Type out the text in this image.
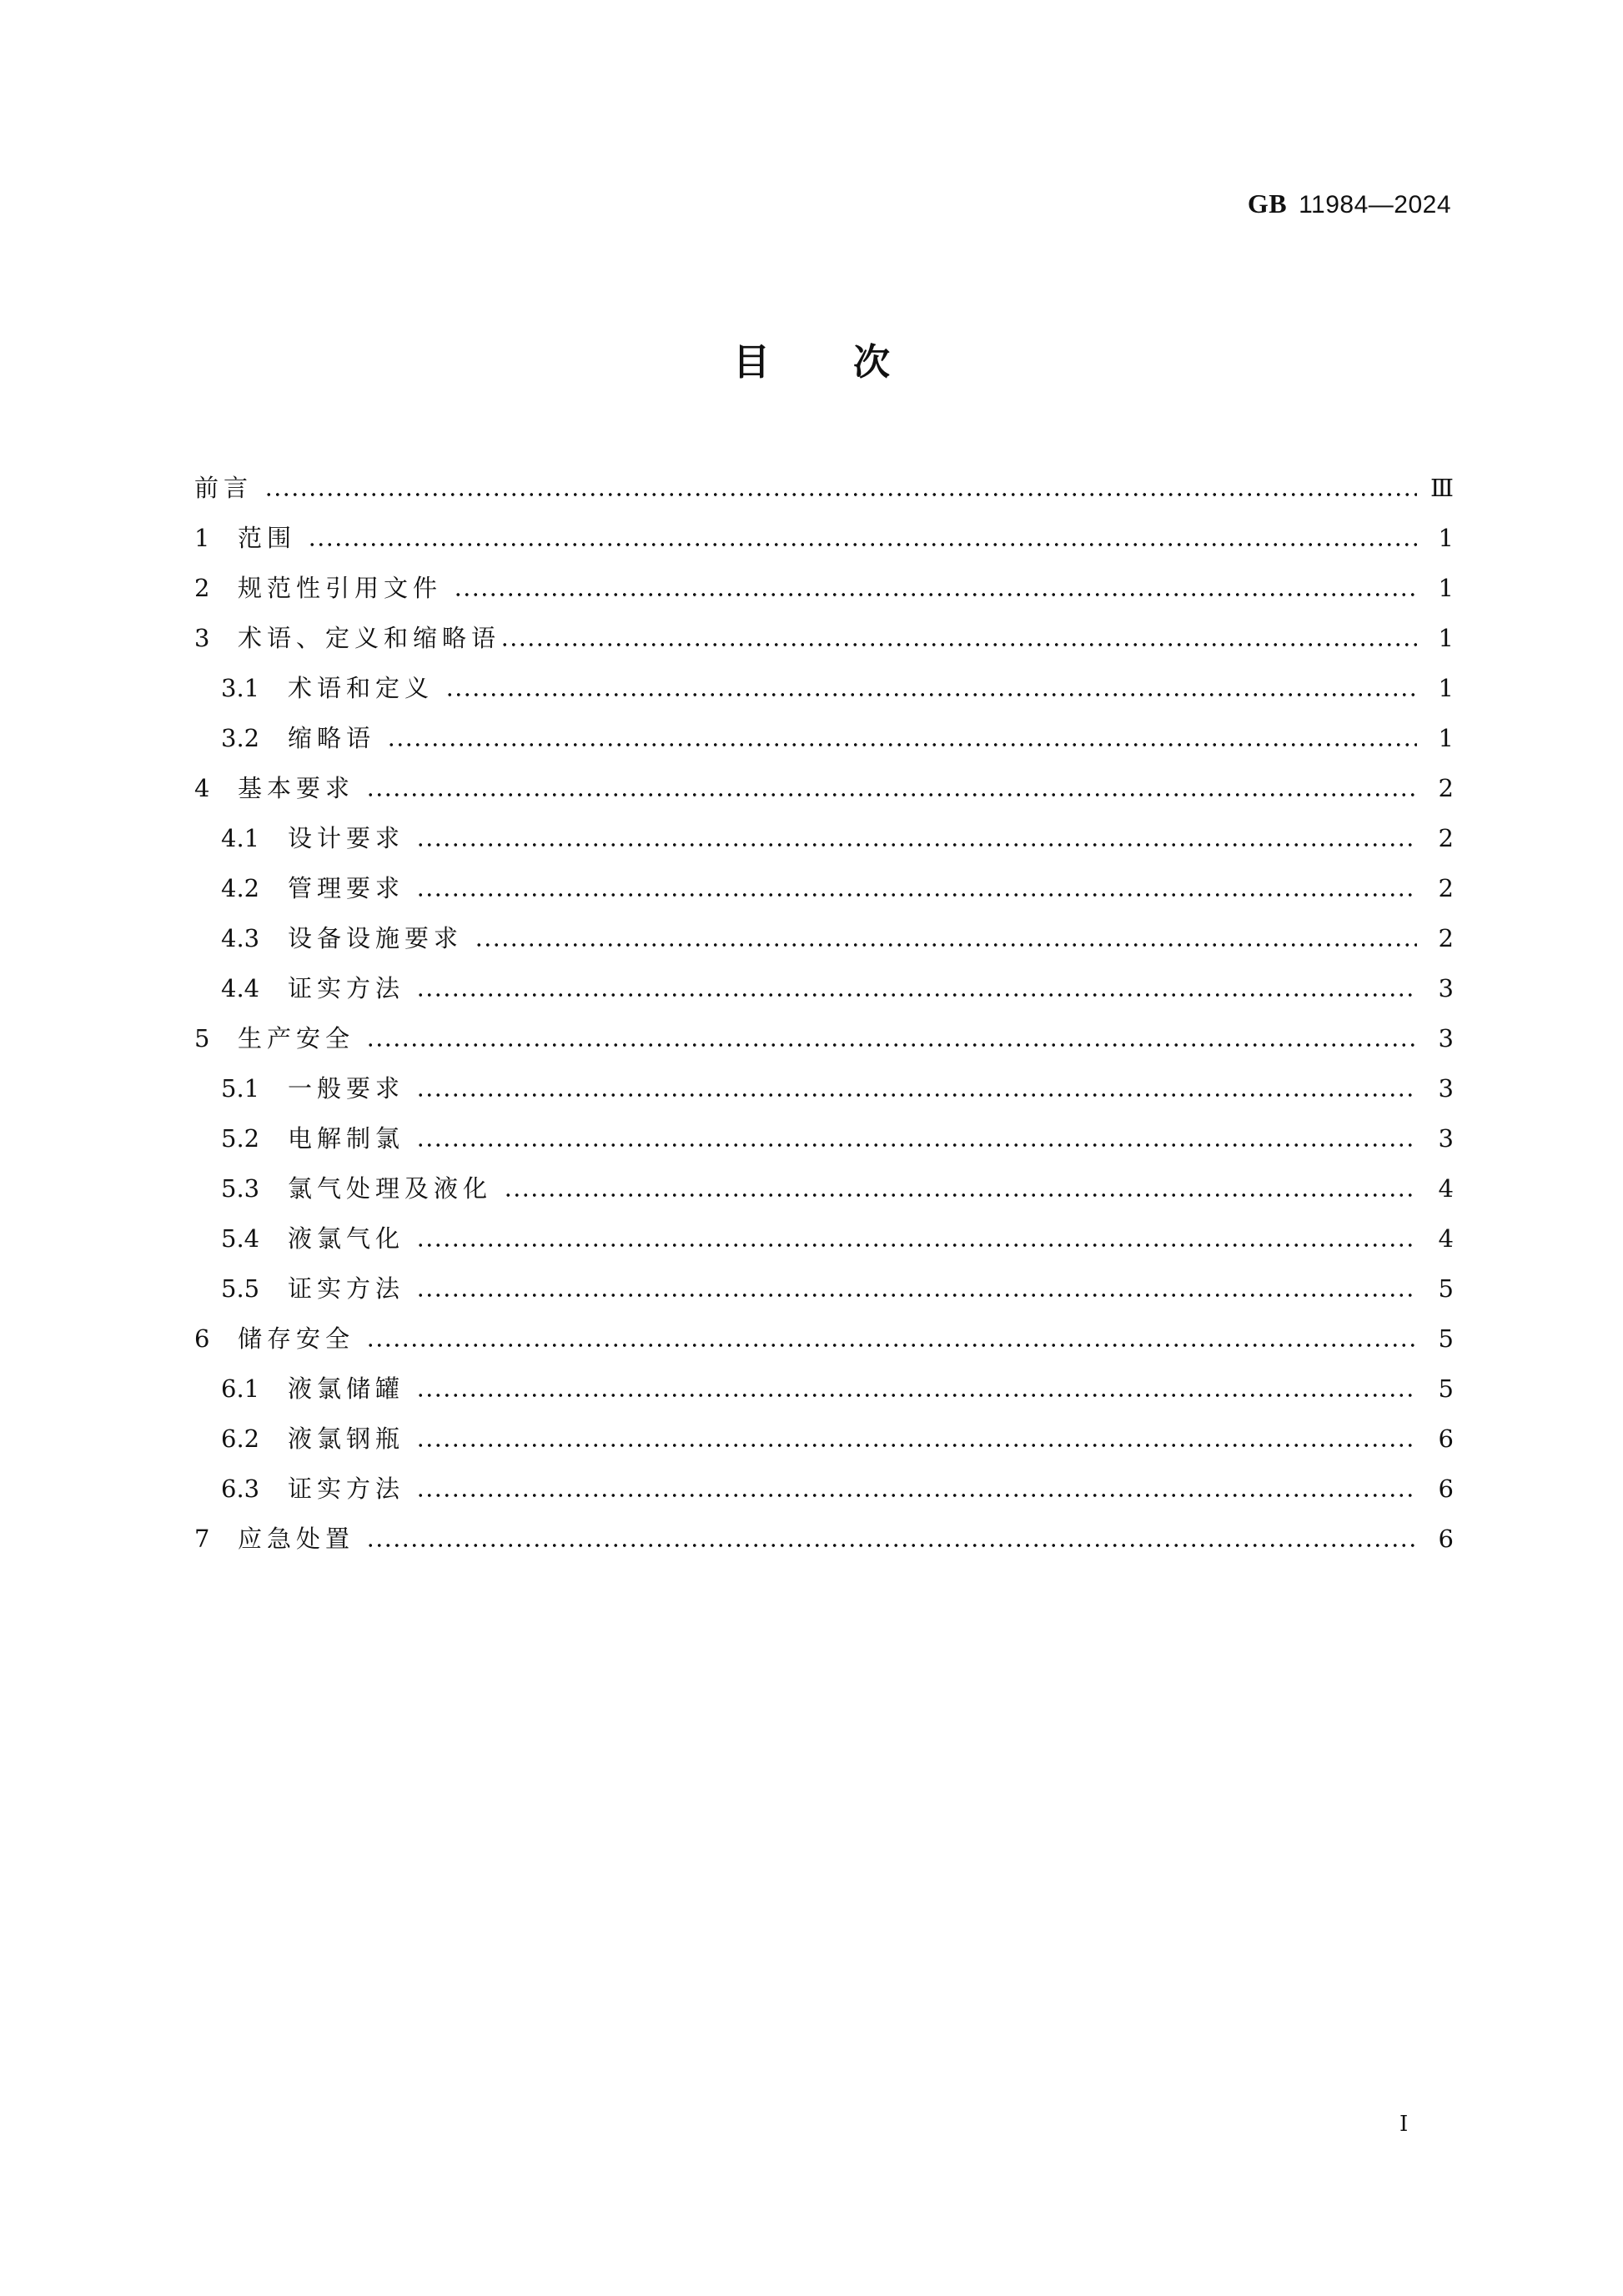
GB 11984—2024
目次
前言	Ⅲ
1	范围	1
2	规范性引用文件	1
3	术语、定义和缩略语	1
3.1	术语和定义	1
3.2	缩略语	1
4	基本要求	2
4.1	设计要求	2
4.2	管理要求	2
4.3	设备设施要求	2
4.4	证实方法	3
5	生产安全	3
5.1	一般要求	3
5.2	电解制氯	3
5.3	氯气处理及液化	4
5.4	液氯气化	4
5.5	证实方法	5
6	储存安全	5
6.1	液氯储罐	5
6.2	液氯钢瓶	6
6.3	证实方法	6
7	应急处置	6
I
